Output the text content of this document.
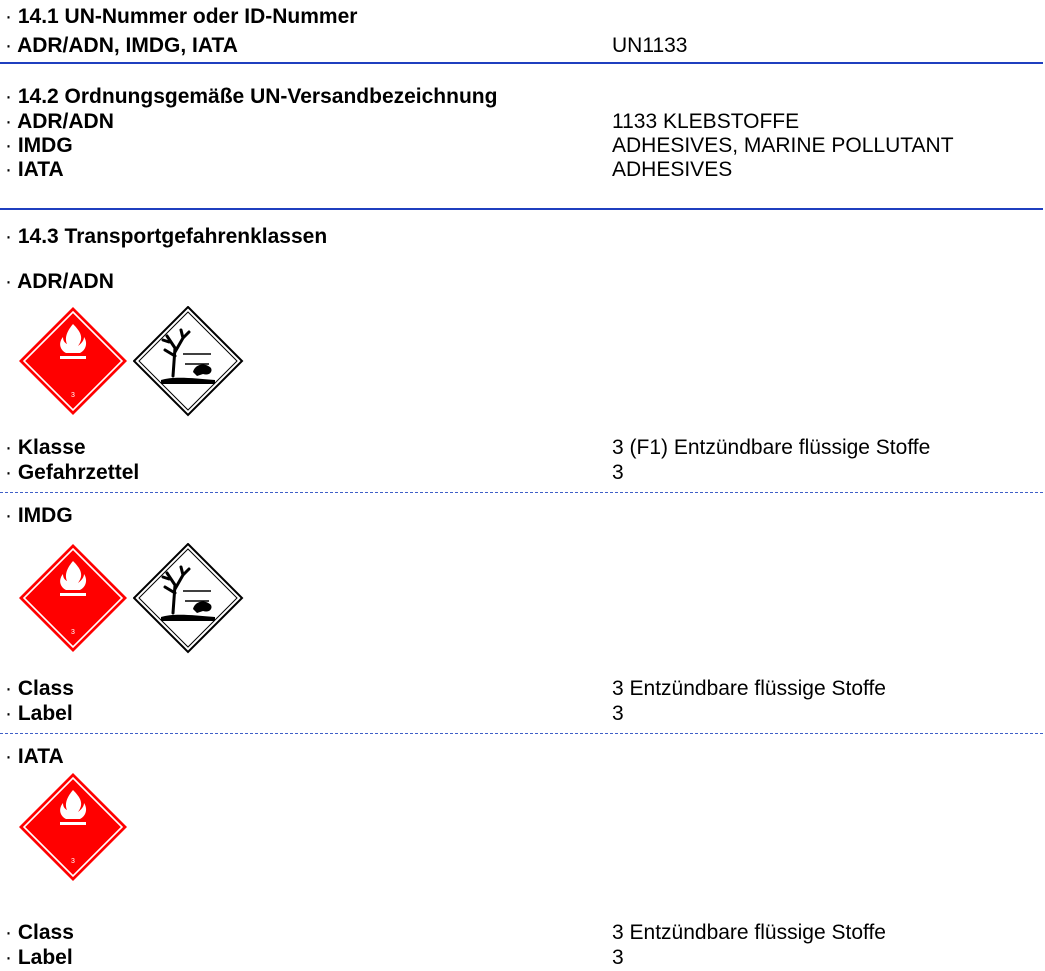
· 14.1 UN-Nummer oder ID-Nummer
· ADR/ADN, IMDG, IATA	UN1133
· 14.2 Ordnungsgemäße UN-Versandbezeichnung
· ADR/ADN	1133 KLEBSTOFFE
· IMDG	ADHESIVES, MARINE POLLUTANT
· IATA	ADHESIVES
· 14.3 Transportgefahrenklassen
· ADR/ADN
· Klasse	3 (F1) Entzündbare flüssige Stoffe
· Gefahrzettel	3
· IMDG
· Class	3 Entzündbare flüssige Stoffe
· Label	3
· IATA
· Class	3 Entzündbare flüssige Stoffe
· Label	3
